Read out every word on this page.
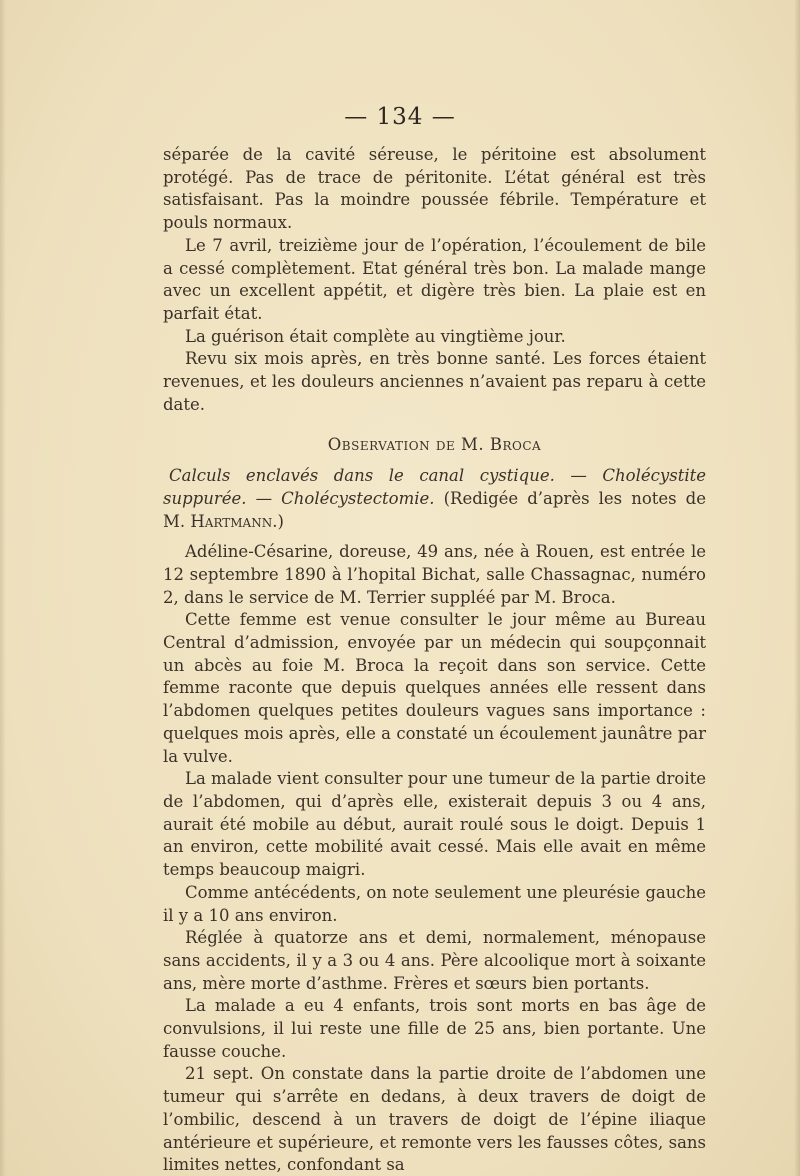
— 134 —

séparée de la cavité séreuse, le péritoine est absolument protégé. Pas de trace de péritonite. L’état général est très satisfaisant. Pas la moindre poussée fébrile. Température et pouls normaux.

Le 7 avril, treizième jour de l’opération, l’écoulement de bile a cessé complètement. Etat général très bon. La malade mange avec un excellent appétit, et digère très bien. La plaie est en parfait état.

La guérison était complète au vingtième jour.

Revu six mois après, en très bonne santé. Les forces étaient revenues, et les douleurs anciennes n’avaient pas reparu à cette date.

Observation de M. Broca

Calculs enclavés dans le canal cystique. — Cholécystite suppurée. — Cholécystectomie. (Redigée d’après les notes de M. Hartmann.)

Adéline-Césarine, doreuse, 49 ans, née à Rouen, est entrée le 12 septembre 1890 à l’hopital Bichat, salle Chassagnac, numéro 2, dans le service de M. Terrier suppléé par M. Broca.

Cette femme est venue consulter le jour même au Bureau Central d’admission, envoyée par un médecin qui soupçonnait un abcès au foie M. Broca la reçoit dans son service. Cette femme raconte que depuis quelques années elle ressent dans l’abdomen quelques petites douleurs vagues sans importance : quelques mois après, elle a constaté un écoulement jaunâtre par la vulve.

La malade vient consulter pour une tumeur de la partie droite de l’abdomen, qui d’après elle, existerait depuis 3 ou 4 ans, aurait été mobile au début, aurait roulé sous le doigt. Depuis 1 an environ, cette mobilité avait cessé. Mais elle avait en même temps beaucoup maigri.

Comme antécédents, on note seulement une pleurésie gauche il y a 10 ans environ.

Réglée à quatorze ans et demi, normalement, ménopause sans accidents, il y a 3 ou 4 ans. Père alcoolique mort à soixante ans, mère morte d’asthme. Frères et sœurs bien portants.

La malade a eu 4 enfants, trois sont morts en bas âge de convulsions, il lui reste une fille de 25 ans, bien portante. Une fausse couche.

21 sept. On constate dans la partie droite de l’abdomen une tumeur qui s’arrête en dedans, à deux travers de doigt de l’ombilic, descend à un travers de doigt de l’épine iliaque antérieure et supérieure, et remonte vers les fausses côtes, sans limites nettes, confondant sa
